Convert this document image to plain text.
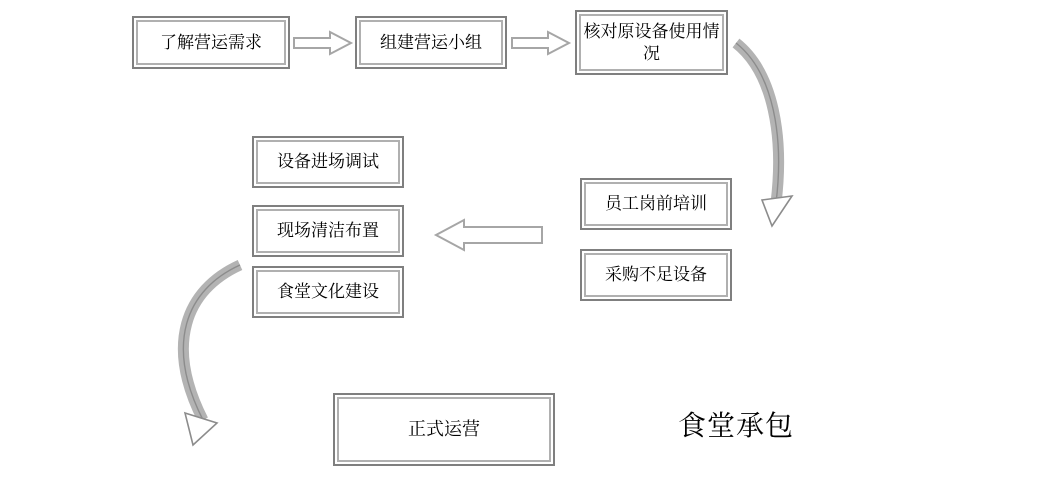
了解营运需求	组建营运小组
核对原设备使用情况
员工岗前培训
采购不足设备
设备进场调试
现场清洁布置
食堂文化建设
正式运营	食堂承包
